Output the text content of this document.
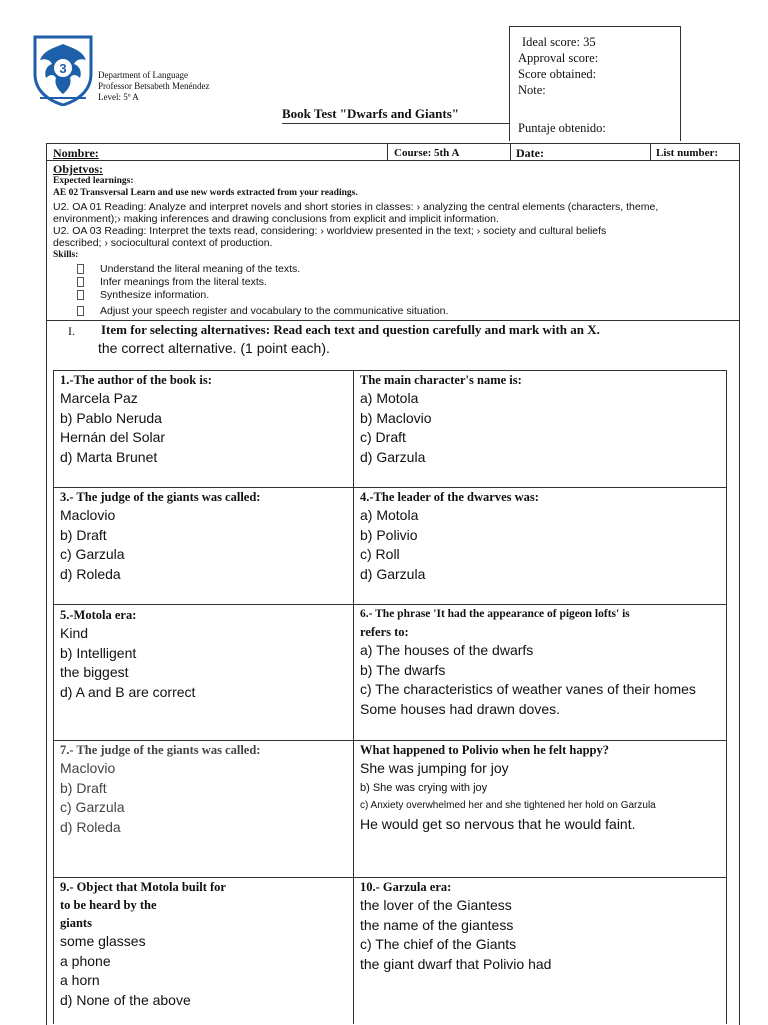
3	Department of Language
Professor Betsabeth Menéndez
Level: 5º A
Ideal score: 35
Approval score:
Score obtained:
Note:
Puntaje obtenido:
Book Test "Dwarfs and Giants"
Nombre:	Course: 5th A	Date:	List number:
Objetvos:
Expected learnings:
AE 02 Transversal Learn and use new words extracted from your readings.
U2. OA 01 Reading: Analyze and interpret novels and short stories in classes: › analyzing the central elements (characters, theme,
environment);› making inferences and drawing conclusions from explicit and implicit information.
U2. OA 03 Reading: Interpret the texts read, considering: › worldview presented in the text; › society and cultural beliefs
described; › sociocultural context of production.
Skills:
Understand the literal meaning of the texts.
Infer meanings from the literal texts.
Synthesize information.
Adjust your speech register and vocabulary to the communicative situation.
I. Item for selecting alternatives: Read each text and question carefully and mark with an X.
the correct alternative. (1 point each).
1.-The author of the book is:
Marcela Paz
b) Pablo Neruda
Hernán del Solar
d) Marta Brunet
The main character's name is:
a) Motola
b) Maclovio
c) Draft
d) Garzula
3.- The judge of the giants was called:
Maclovio
b) Draft
c) Garzula
d) Roleda
4.-The leader of the dwarves was:
a) Motola
b) Polivio
c) Roll
d) Garzula
5.-Motola era:
Kind
b) Intelligent
the biggest
d) A and B are correct
6.- The phrase 'It had the appearance of pigeon lofts' is
refers to:
a) The houses of the dwarfs
b) The dwarfs
c) The characteristics of weather vanes of their homes
Some houses had drawn doves.
7.- The judge of the giants was called:
Maclovio
b) Draft
c) Garzula
d) Roleda
What happened to Polivio when he felt happy?
She was jumping for joy
b) She was crying with joy
c) Anxiety overwhelmed her and she tightened her hold on Garzula
He would get so nervous that he would faint.
9.- Object that Motola built for
to be heard by the
giants
some glasses
a phone
a horn
d) None of the above
10.- Garzula era:
the lover of the Giantess
the name of the giantess
c) The chief of the Giants
the giant dwarf that Polivio had
